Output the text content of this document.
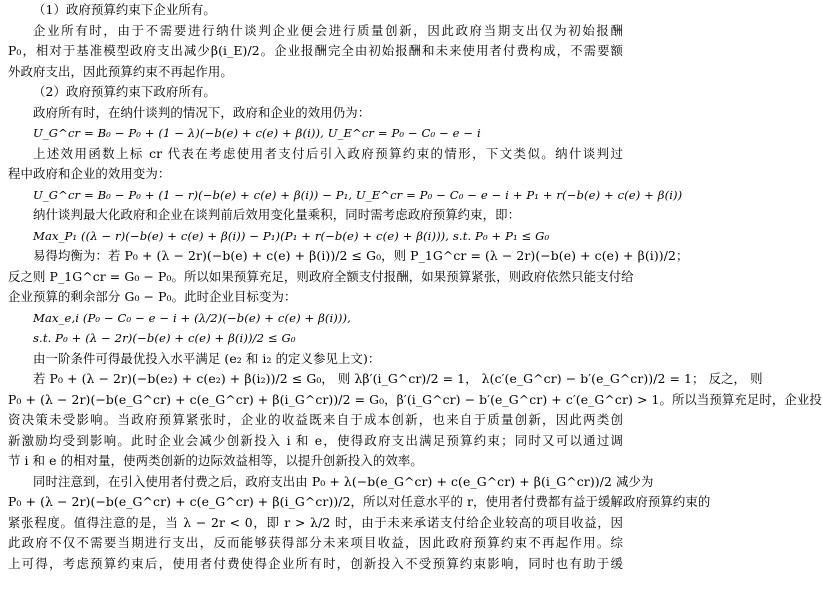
（1）政府预算约束下企业所有。
企业所有时，由于不需要进行纳什谈判企业便会进行质量创新，因此政府当期支出仅为初始报酬
P₀，相对于基准模型政府支出减少β(i_E)/2。企业报酬完全由初始报酬和未来使用者付费构成，不需要额
外政府支出，因此预算约束不再起作用。
（2）政府预算约束下政府所有。
政府所有时，在纳什谈判的情况下，政府和企业的效用仍为：
U_G^cr = B₀ − P₀ + (1 − λ)(−b(e) + c(e) + β(i)), U_E^cr = P₀ − C₀ − e − i
上述效用函数上标 cr 代表在考虑使用者支付后引入政府预算约束的情形，下文类似。纳什谈判过
程中政府和企业的效用变为：
U_G^cr = B₀ − P₀ + (1 − r)(−b(e) + c(e) + β(i)) − P₁, U_E^cr = P₀ − C₀ − e − i + P₁ + r(−b(e) + c(e) + β(i))
纳什谈判最大化政府和企业在谈判前后效用变化量乘积，同时需考虑政府预算约束，即：
Max_P₁ ((λ − r)(−b(e) + c(e) + β(i)) − P₁)(P₁ + r(−b(e) + c(e) + β(i))), s.t. P₀ + P₁ ≤ G₀
易得均衡为：若 P₀ + (λ − 2r)(−b(e) + c(e) + β(i))/2 ≤ G₀，则 P_1G^cr = (λ − 2r)(−b(e) + c(e) + β(i))/2；
反之则 P_1G^cr = G₀ − P₀。所以如果预算充足，则政府全额支付报酬，如果预算紧张，则政府依然只能支付给
企业预算的剩余部分 G₀ − P₀。此时企业目标变为：
Max_e,i (P₀ − C₀ − e − i + (λ/2)(−b(e) + c(e) + β(i))),
s.t. P₀ + (λ − 2r)(−b(e) + c(e) + β(i))/2 ≤ G₀
由一阶条件可得最优投入水平满足 (e₂ 和 i₂ 的定义参见上文)：
若 P₀ + (λ − 2r)(−b(e₂) + c(e₂) + β(i₂))/2 ≤ G₀， 则 λβ′(i_G^cr)/2 = 1， λ(c′(e_G^cr) − b′(e_G^cr))/2 = 1； 反之， 则
P₀ + (λ − 2r)(−b(e_G^cr) + c(e_G^cr) + β(i_G^cr))/2 = G₀，β′(i_G^cr) − b′(e_G^cr) + c′(e_G^cr) > 1。所以当预算充足时，企业投
资决策未受影响。当政府预算紧张时，企业的收益既来自于成本创新，也来自于质量创新，因此两类创
新激励均受到影响。此时企业会减少创新投入 i 和 e，使得政府支出满足预算约束；同时又可以通过调
节 i 和 e 的相对量，使两类创新的边际效益相等，以提升创新投入的效率。
同时注意到，在引入使用者付费之后，政府支出由 P₀ + λ(−b(e_G^cr) + c(e_G^cr) + β(i_G^cr))/2 减少为
P₀ + (λ − 2r)(−b(e_G^cr) + c(e_G^cr) + β(i_G^cr))/2，所以对任意水平的 r，使用者付费都有益于缓解政府预算约束的
紧张程度。值得注意的是，当 λ − 2r < 0，即 r > λ/2 时，由于未来承诺支付给企业较高的项目收益，因
此政府不仅不需要当期进行支出，反而能够获得部分未来项目收益，因此政府预算约束不再起作用。综
上可得，考虑预算约束后，使用者付费使得企业所有时，创新投入不受预算约束影响，同时也有助于缓
